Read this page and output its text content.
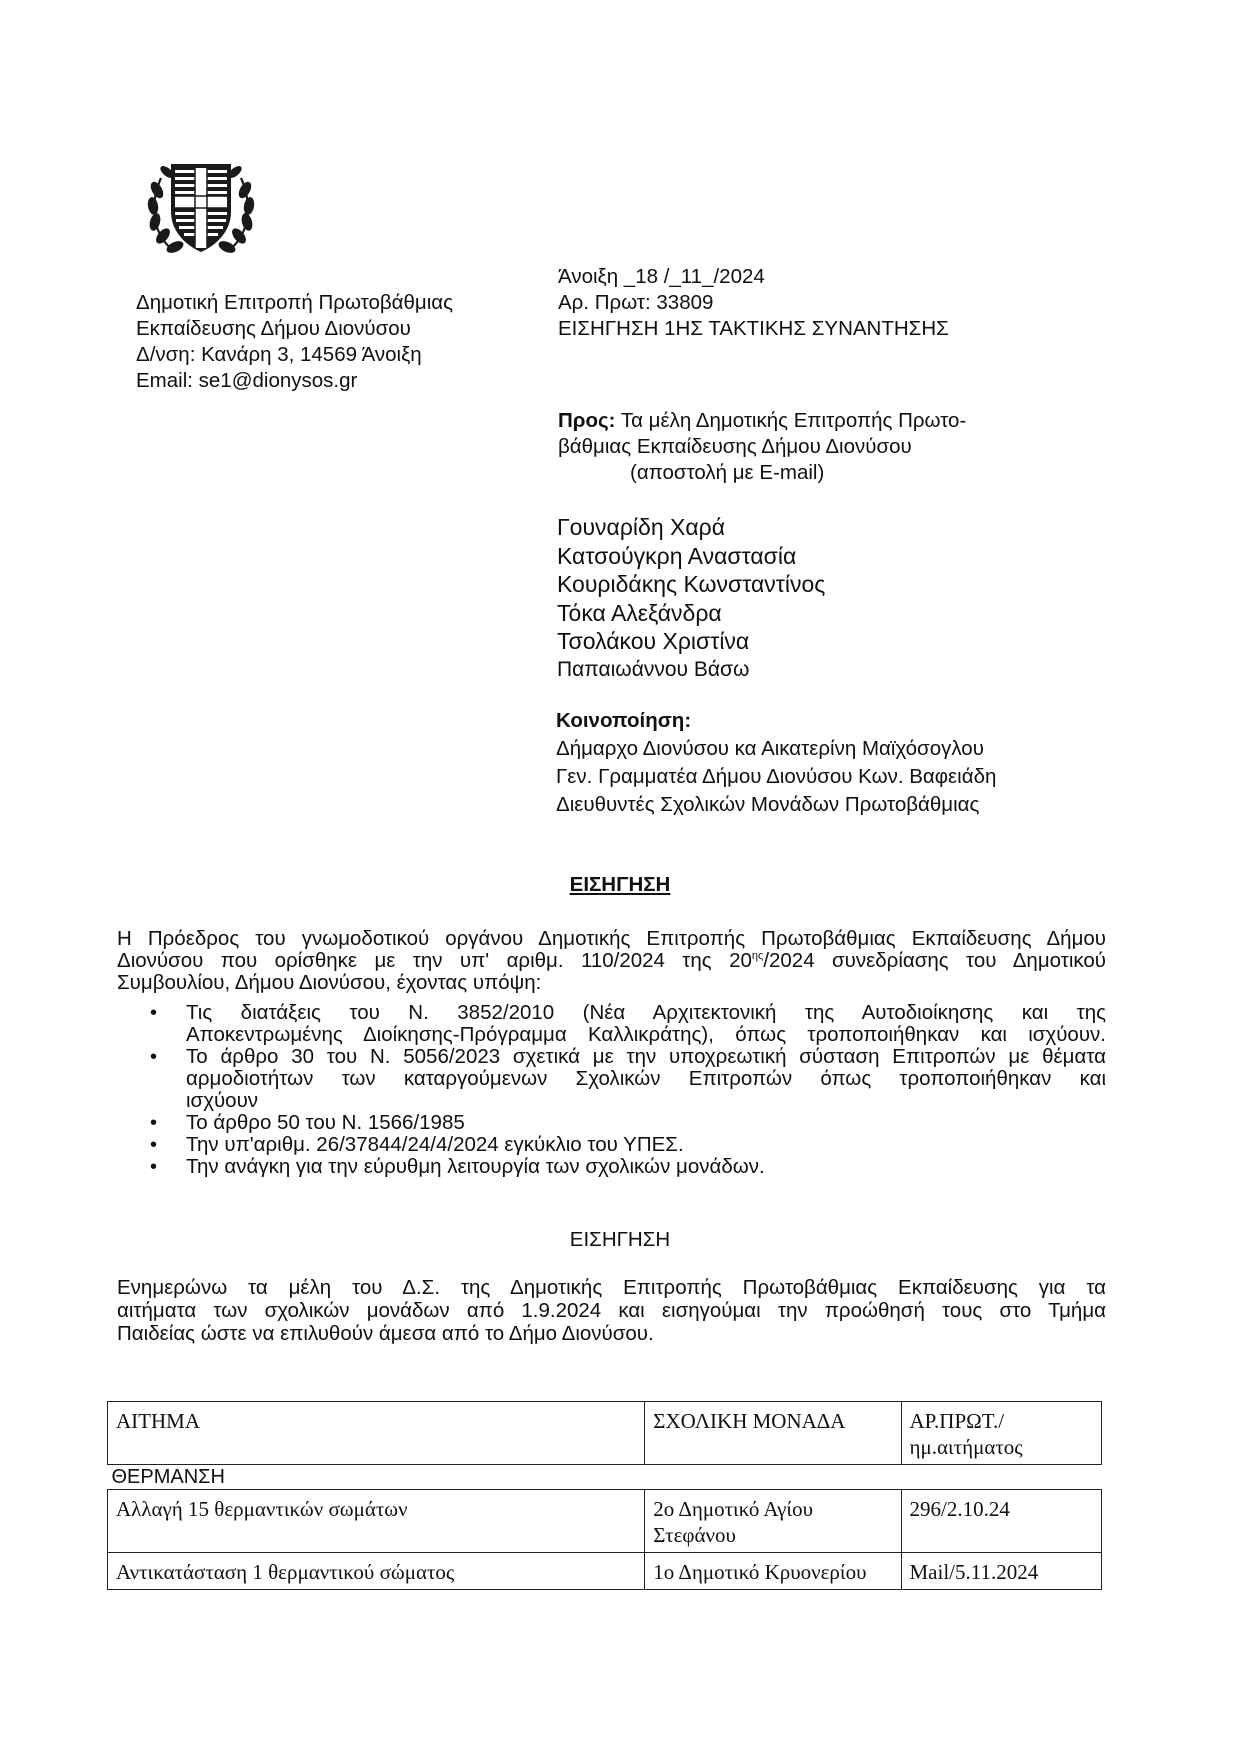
Δημοτική Επιτροπή Πρωτοβάθμιας
Εκπαίδευσης Δήμου Διονύσου
Δ/νση: Κανάρη 3, 14569 Άνοιξη
Email: se1@dionysos.gr
Άνοιξη _18 /_11_/2024
Αρ. Πρωτ: 33809
ΕΙΣΗΓΗΣΗ 1ΗΣ ΤΑΚΤΙΚΗΣ ΣΥΝΑΝΤΗΣΗΣ
Προς: Τα μέλη Δημοτικής Επιτροπής Πρωτο-
βάθμιας Εκπαίδευσης Δήμου Διονύσου
(αποστολή με E-mail)
Γουναρίδη Χαρά
Κατσούγκρη Αναστασία
Κουριδάκης Κωνσταντίνος
Τόκα Αλεξάνδρα
Τσολάκου Χριστίνα
Παπαιωάννου Βάσω
Κοινοποίηση:
Δήμαρχο Διονύσου κα Αικατερίνη Μαϊχόσογλου
Γεν. Γραμματέα Δήμου Διονύσου Κων. Βαφειάδη
Διευθυντές Σχολικών Μονάδων Πρωτοβάθμιας
ΕΙΣΗΓΗΣΗ
Η Πρόεδρος του γνωμοδοτικού οργάνου Δημοτικής Επιτροπής Πρωτοβάθμιας Εκπαίδευσης Δήμου
Διονύσου που ορίσθηκε με την υπ' αριθμ. 110/2024 της $20^{\eta\varsigma}/2024$ συνεδρίασης του Δημοτικού
Συμβουλίου, Δήμου Διονύσου, έχοντας υπόψη:
• Τις διατάξεις του Ν. 3852/2010 (Νέα Αρχιτεκτονική της Αυτοδιοίκησης και της
Αποκεντρωμένης Διοίκησης-Πρόγραμμα Καλλικράτης), όπως τροποποιήθηκαν και ισχύουν.
• Το άρθρο 30 του Ν. 5056/2023 σχετικά με την υποχρεωτική σύσταση Επιτροπών με θέματα
αρμοδιοτήτων των καταργούμενων Σχολικών Επιτροπών όπως τροποποιήθηκαν και
ισχύουν
• Το άρθρο 50 του Ν. 1566/1985
• Την υπ'αριθμ. 26/37844/24/4/2024 εγκύκλιο του ΥΠΕΣ.
• Την ανάγκη για την εύρυθμη λειτουργία των σχολικών μονάδων.
ΕΙΣΗΓΗΣΗ
Ενημερώνω τα μέλη του Δ.Σ. της Δημοτικής Επιτροπής Πρωτοβάθμιας Εκπαίδευσης για τα
αιτήματα των σχολικών μονάδων από 1.9.2024 και εισηγούμαι την προώθησή τους στο Τμήμα
Παιδείας ώστε να επιλυθούν άμεσα από το Δήμο Διονύσου.
ΑΙΤΗΜΑ	ΣΧΟΛΙΚΗ ΜΟΝΑΔΑ	ΑΡ.ΠΡΩΤ./
ημ.αιτήματος
ΘΕΡΜΑΝΣΗ		
Αλλαγή 15 θερμαντικών σωμάτων	2ο Δημοτικό Αγίου
Στεφάνου	296/2.10.24
Αντικατάσταση 1 θερμαντικού σώματος	1ο Δημοτικό Κρυονερίου	Mail/5.11.2024
